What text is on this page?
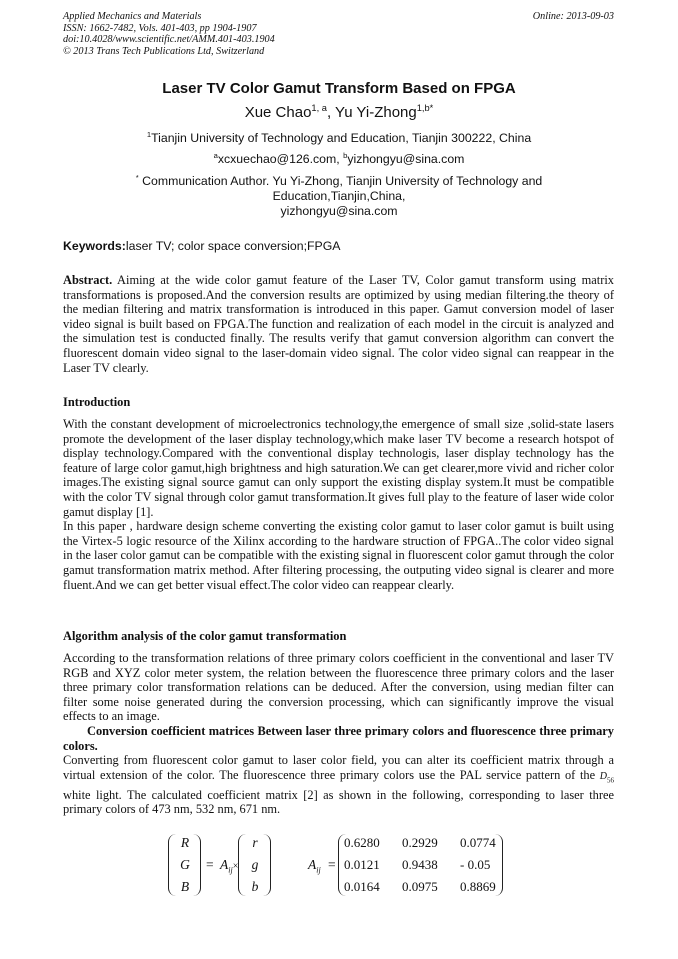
Applied Mechanics and Materials
ISSN: 1662-7482, Vols. 401-403, pp 1904-1907
doi:10.4028/www.scientific.net/AMM.401-403.1904
© 2013 Trans Tech Publications Ltd, Switzerland
Online: 2013-09-03
Laser TV Color Gamut Transform Based on FPGA
Xue Chao$^{1, a}$, Yu Yi-Zhong$^{1,b*}$
$^1$Tianjin University of Technology and Education, Tianjin 300222, China
$^a$xcxuechao@126.com, $^b$yizhongyu@sina.com
* Communication Author. Yu Yi-Zhong, Tianjin University of Technology and
Education,Tianjin,China,
yizhongyu@sina.com
Keywords:laser TV; color space conversion;FPGA
Abstract. Aiming at the wide color gamut feature of the Laser TV, Color gamut transform using matrix transformations is proposed.And the conversion results are optimized by using median filtering.the theory of the median filtering and matrix transformation is introduced in this paper. Gamut conversion model of laser video signal is built based on FPGA.The function and realization of each model in the circuit is analyzed and the simulation test is conducted finally. The results verify that gamut conversion algorithm can convert the fluorescent domain video signal to the laser-domain video signal. The color video signal can reappear in the Laser TV clearly.
Introduction
With the constant development of microelectronics technology,the emergence of small size ,solid-state lasers promote the development of the laser display technology,which make laser TV become a research hotspot of display technology.Compared with the conventional display technologis, laser display technology has the feature of large color gamut,high brightness and high saturation.We can get clearer,more vivid and richer color images.The existing signal source gamut can only support the existing display system.It must be compatible with the color TV signal through color gamut transformation.It gives full play to the feature of laser wide color gamut display [1].
In this paper , hardware design scheme converting the existing color gamut to laser color gamut is built using the Virtex-5 logic resource of the Xilinx according to the hardware struction of FPGA..The color video signal in the laser color gamut can be compatible with the existing signal in fluorescent color gamut through the color gamut transformation matrix method. After filtering processing, the outputing video signal is clearer and more fluent.And we can get better visual effect.The color video can reappear clearly.
Algorithm analysis of the color gamut transformation
According to the transformation relations of three primary colors coefficient in the conventional and laser TV RGB and XYZ color meter system, the relation between the fluorescence three primary colors and the laser three primary color transformation relations can be deduced. After the conversion, using median filter can filter some noise generated during the conversion processing, which can significantly improve the visual effects to an image.
Conversion coefficient matrices Between laser three primary colors and fluorescence three primary colors.
Converting from fluorescent color gamut to laser color field, you can alter its coefficient matrix through a virtual extension of the color. The fluorescence three primary colors use the PAL service pattern of the $D_{56}$ white light. The calculated coefficient matrix [2] as shown in the following, corresponding to laser three primary colors of 473 nm, 532 nm, 671 nm.
R
G
B
= $A_{ij}\times$
r
g
b
$A_{ij}$ =
0.6280	0.2929	0.0774
0.0121	0.9438	- 0.05
0.0164	0.0975	0.8869
